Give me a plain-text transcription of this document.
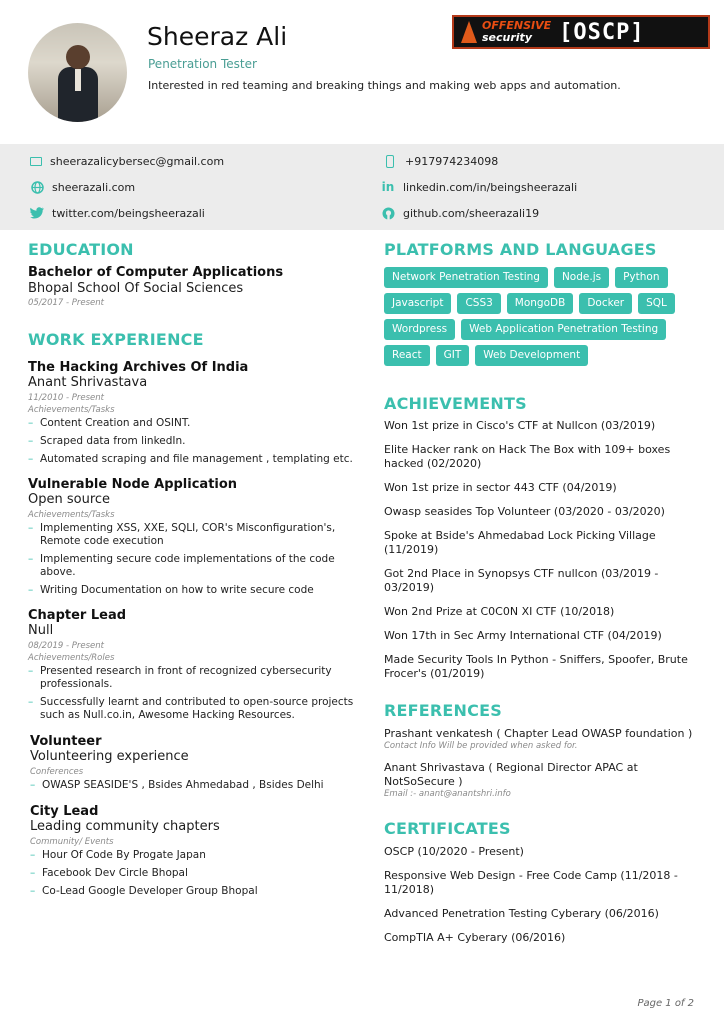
Sheeraz Ali
Penetration Tester
Interested in red teaming and breaking things and making web apps and automation.
OFFENSIVE
security	[OSCP]
sheerazalicybersec@gmail.com	+917974234098
sheerazali.com	in linkedin.com/in/beingsheerazali
twitter.com/beingsheerazali	github.com/sheerazali19
EDUCATION
Bachelor of Computer Applications
Bhopal School Of Social Sciences
05/2017 - Present
WORK EXPERIENCE
The Hacking Archives Of India
Anant Shrivastava
11/2010 - Present
Achievements/Tasks
– Content Creation and OSINT.
– Scraped data from linkedIn.
– Automated scraping and file management , templating etc.
Vulnerable Node Application
Open source
Achievements/Tasks
– Implementing XSS, XXE, SQLI, COR's Misconfiguration's, Remote code execution
– Implementing secure code implementations of the code above.
– Writing Documentation on how to write secure code
Chapter Lead
Null
08/2019 - Present
Achievements/Roles
– Presented research in front of recognized cybersecurity professionals.
– Successfully learnt and contributed to open-source projects such as Null.co.in, Awesome Hacking Resources.
Volunteer
Volunteering experience
Conferences
– OWASP SEASIDE'S , Bsides Ahmedabad , Bsides Delhi
City Lead
Leading community chapters
Community/ Events
– Hour Of Code By Progate Japan
– Facebook Dev Circle Bhopal
– Co-Lead Google Developer Group Bhopal
PLATFORMS AND LANGUAGES
Network Penetration Testing	Node.js	Python
Javascript	CSS3	MongoDB	Docker	SQL
Wordpress	Web Application Penetration Testing
React	GIT	Web Development
ACHIEVEMENTS
Won 1st prize in Cisco's CTF at Nullcon (03/2019)
Elite Hacker rank on Hack The Box with 109+ boxes hacked (02/2020)
Won 1st prize in sector 443 CTF (04/2019)
Owasp seasides Top Volunteer (03/2020 - 03/2020)
Spoke at Bside's Ahmedabad Lock Picking Village (11/2019)
Got 2nd Place in Synopsys CTF nullcon (03/2019 - 03/2019)
Won 2nd Prize at C0C0N XI CTF (10/2018)
Won 17th in Sec Army International CTF (04/2019)
Made Security Tools In Python - Sniffers, Spoofer, Brute Frocer's (01/2019)
REFERENCES
Prashant venkatesh ( Chapter Lead OWASP foundation )
Contact Info Will be provided when asked for.
Anant Shrivastava ( Regional Director APAC at NotSoSecure )
Email :- anant@anantshri.info
CERTIFICATES
OSCP (10/2020 - Present)
Responsive Web Design - Free Code Camp (11/2018 - 11/2018)
Advanced Penetration Testing Cyberary (06/2016)
CompTIA A+ Cyberary (06/2016)
Page 1 of 2
